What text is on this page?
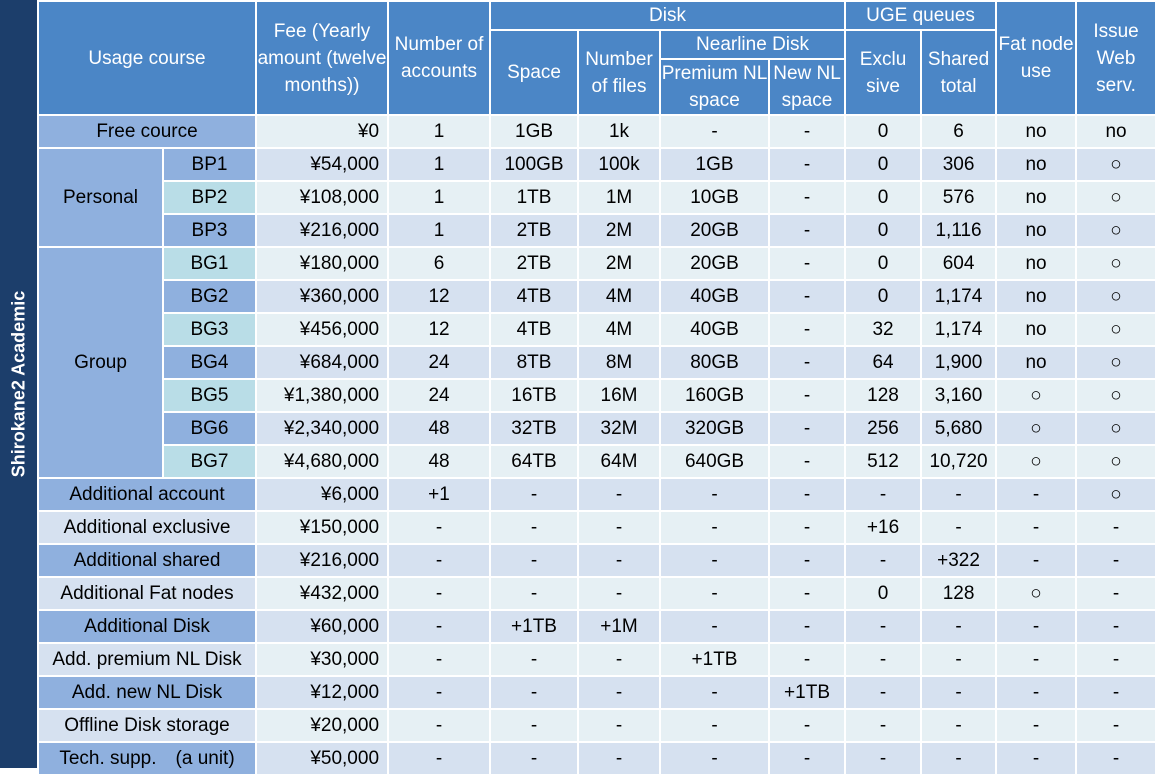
Shirokane2 Academic
Usage course		Fee (Yearly amount (twelve months))	Number of accounts	Disk				UGE queues		Fat node use	Issue Web serv.
				Space	Number of files	Nearline Disk		Exclu sive	Shared total		
						Premium NL space	New NL space				

Free cource		¥0	1	1GB	1k	-	-	0	6	no	no
Personal	BP1	¥54,000	1	100GB	100k	1GB	-	0	306	no	○
	BP2	¥108,000	1	1TB	1M	10GB	-	0	576	no	○
	BP3	¥216,000	1	2TB	2M	20GB	-	0	1,116	no	○
Group	BG1	¥180,000	6	2TB	2M	20GB	-	0	604	no	○
	BG2	¥360,000	12	4TB	4M	40GB	-	0	1,174	no	○
	BG3	¥456,000	12	4TB	4M	40GB	-	32	1,174	no	○
	BG4	¥684,000	24	8TB	8M	80GB	-	64	1,900	no	○
	BG5	¥1,380,000	24	16TB	16M	160GB	-	128	3,160	○	○
	BG6	¥2,340,000	48	32TB	32M	320GB	-	256	5,680	○	○
	BG7	¥4,680,000	48	64TB	64M	640GB	-	512	10,720	○	○
Additional account		¥6,000	+1	-	-	-	-	-	-	-	○
Additional exclusive		¥150,000	-	-	-	-	-	+16	-	-	-
Additional shared		¥216,000	-	-	-	-	-	-	+322	-	-
Additional Fat nodes		¥432,000	-	-	-	-	-	0	128	○	-
Additional Disk		¥60,000	-	+1TB	+1M	-	-	-	-	-	-
Add. premium NL Disk		¥30,000	-	-	-	+1TB	-	-	-	-	-
Add. new NL Disk		¥12,000	-	-	-	-	+1TB	-	-	-	-
Offline Disk storage		¥20,000	-	-	-	-	-	-	-	-	-
Tech. supp.　(a unit)		¥50,000	-	-	-	-	-	-	-	-	-
